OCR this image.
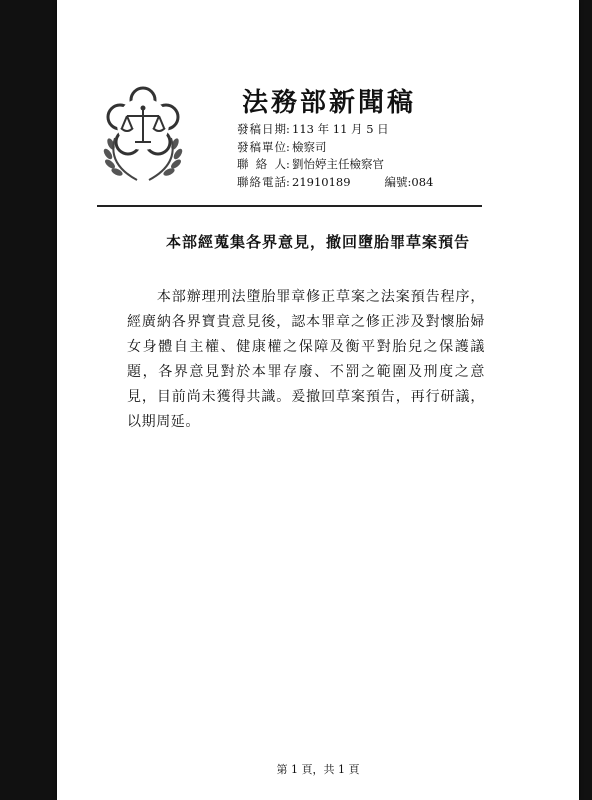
法務部新聞稿
發稿日期 : 113 年 11 月 5 日
發稿單位 : 檢察司
聯 絡 人 : 劉怡婷主任檢察官
聯絡電話 : 21910189	編號 : 084
本部經蒐集各界意見，撤回墮胎罪草案預告

　　本部辦理刑法墮胎罪章修正草案之法案預告程序，經廣納各界寶貴意見後，認本罪章之修正涉及對懷胎婦女身體自主權、健康權之保障及衡平對胎兒之保護議題，各界意見對於本罪存廢、不罰之範圍及刑度之意見，目前尚未獲得共識。爰撤回草案預告，再行研議，以期周延。

第 1 頁，共 1 頁
